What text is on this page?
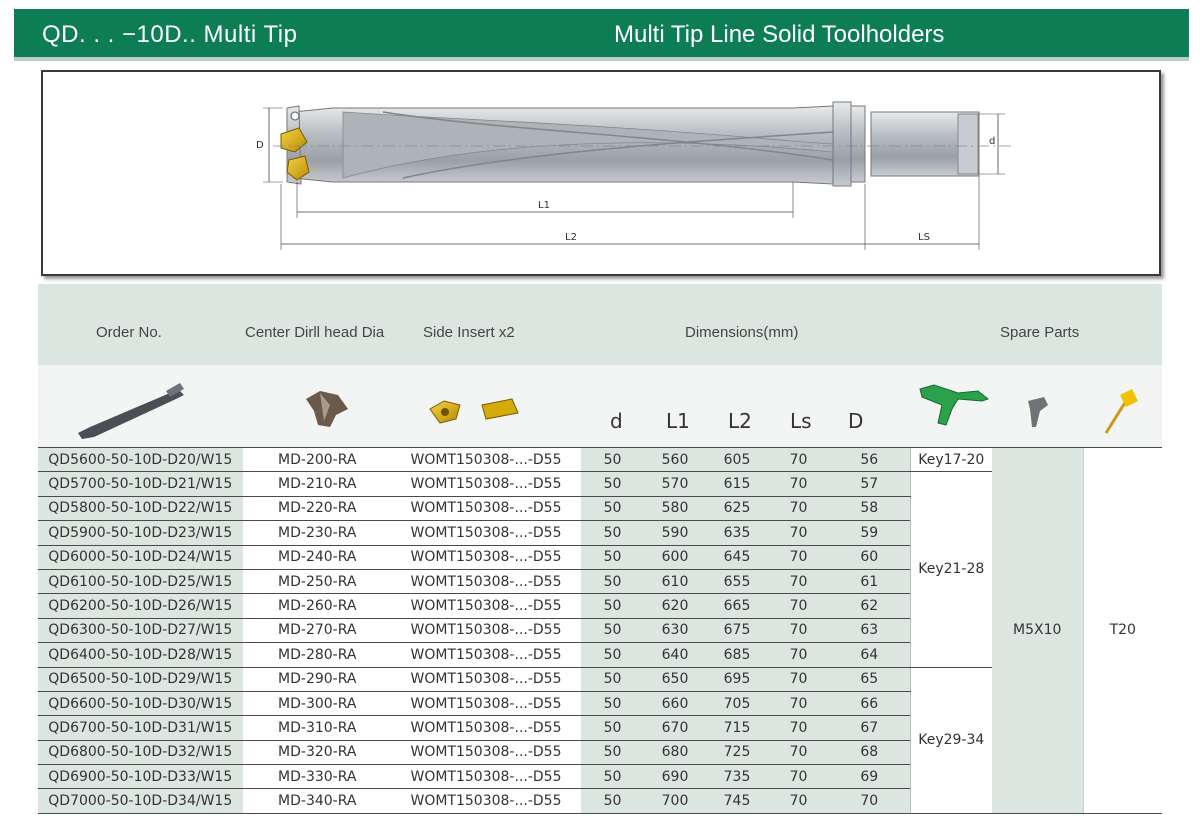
QD. . . −10D.. Multi Tip	Multi Tip Line Solid Toolholders
D	d
L1
L2	LS
Order No.	Center Dirll head Dia	Side Insert x2	Dimensions(mm)	Spare Parts
d L1 L2 Ls D
QD5600-50-10D-D20/W15	MD-200-RA	WOMT150308-...-D55	50	560	605	70	56	Key17-20	M5X10	T20
QD5700-50-10D-D21/W15	MD-210-RA	WOMT150308-...-D55	50	570	615	70	57	Key21-28		
QD5800-50-10D-D22/W15	MD-220-RA	WOMT150308-...-D55	50	580	625	70	58			
QD5900-50-10D-D23/W15	MD-230-RA	WOMT150308-...-D55	50	590	635	70	59			
QD6000-50-10D-D24/W15	MD-240-RA	WOMT150308-...-D55	50	600	645	70	60			
QD6100-50-10D-D25/W15	MD-250-RA	WOMT150308-...-D55	50	610	655	70	61			
QD6200-50-10D-D26/W15	MD-260-RA	WOMT150308-...-D55	50	620	665	70	62			
QD6300-50-10D-D27/W15	MD-270-RA	WOMT150308-...-D55	50	630	675	70	63			
QD6400-50-10D-D28/W15	MD-280-RA	WOMT150308-...-D55	50	640	685	70	64			
QD6500-50-10D-D29/W15	MD-290-RA	WOMT150308-...-D55	50	650	695	70	65	Key29-34		
QD6600-50-10D-D30/W15	MD-300-RA	WOMT150308-...-D55	50	660	705	70	66			
QD6700-50-10D-D31/W15	MD-310-RA	WOMT150308-...-D55	50	670	715	70	67			
QD6800-50-10D-D32/W15	MD-320-RA	WOMT150308-...-D55	50	680	725	70	68			
QD6900-50-10D-D33/W15	MD-330-RA	WOMT150308-...-D55	50	690	735	70	69			
QD7000-50-10D-D34/W15	MD-340-RA	WOMT150308-...-D55	50	700	745	70	70			
